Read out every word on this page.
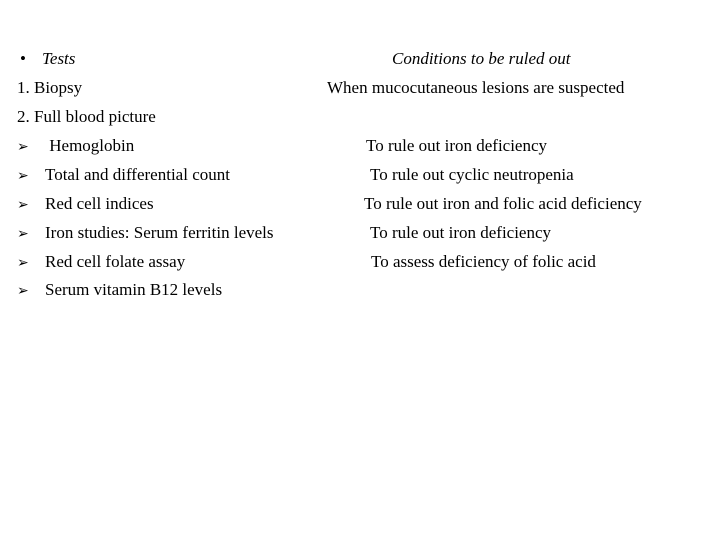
• Tests	Conditions to be ruled out
1. Biopsy	When mucocutaneous lesions are suspected
2. Full blood picture
➢ Hemoglobin	To rule out iron deficiency
➢ Total and differential count	To rule out cyclic neutropenia
➢ Red cell indices	To rule out iron and folic acid deficiency
➢ Iron studies: Serum ferritin levels	To rule out iron deficiency
➢ Red cell folate assay	To assess deficiency of folic acid
➢ Serum vitamin B12 levels
